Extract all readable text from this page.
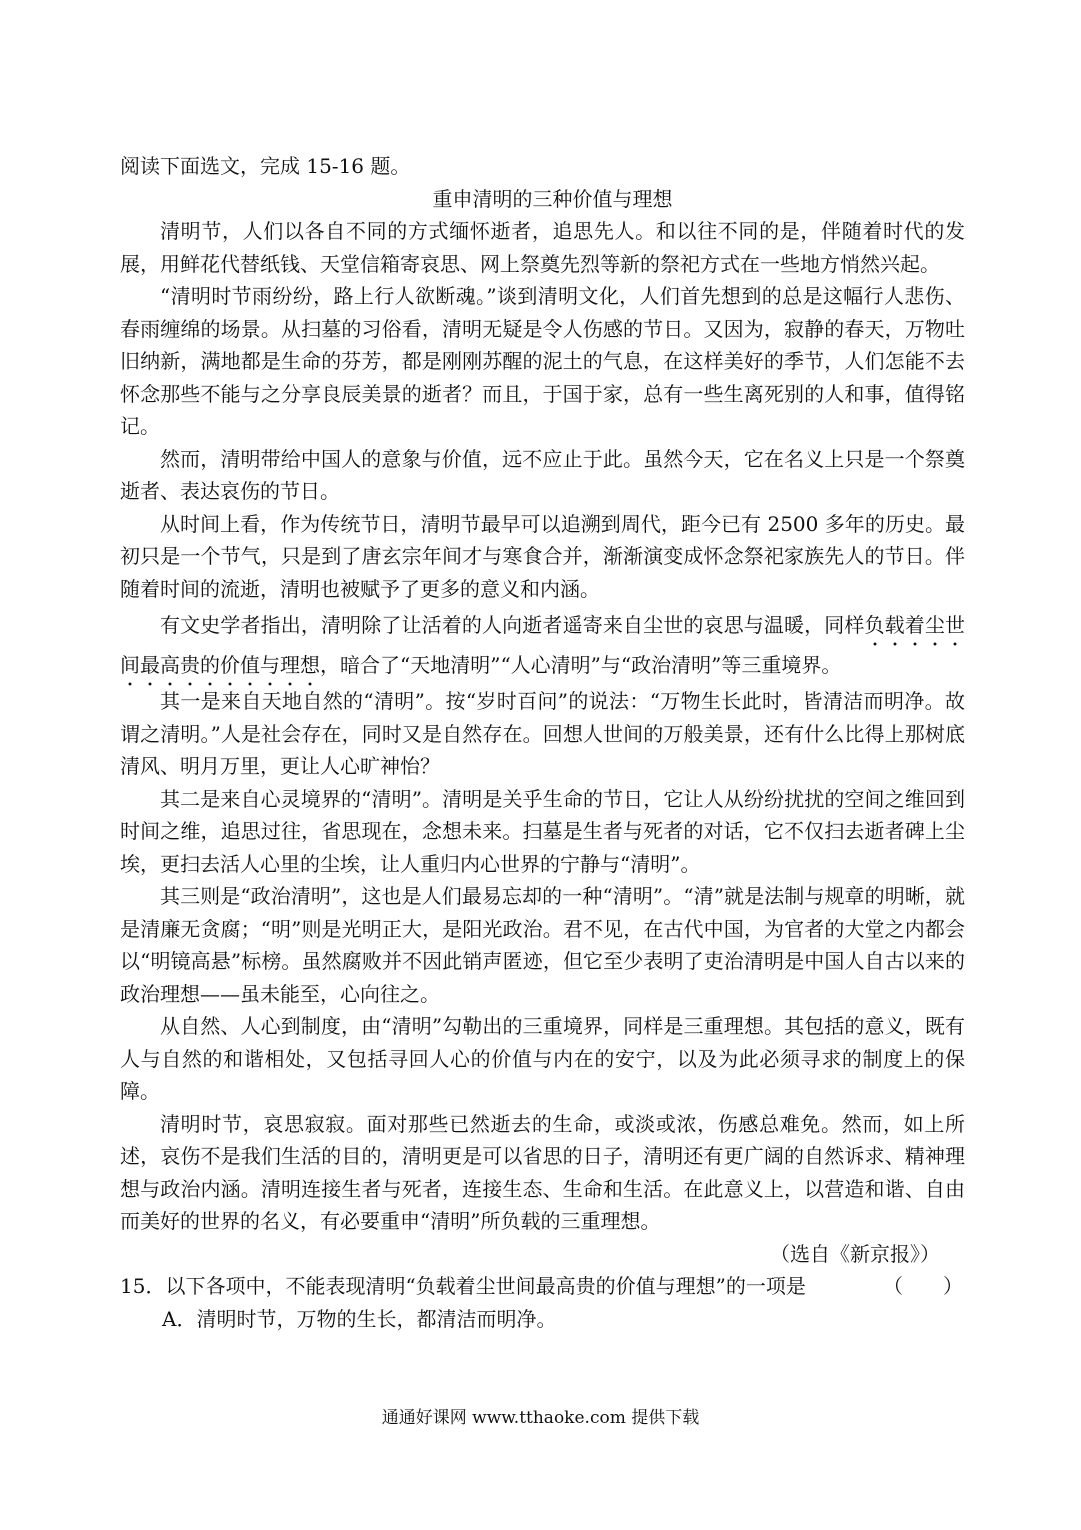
阅读下面选文，完成 15-16 题。

重申清明的三种价值与理想

清明节，人们以各自不同的方式缅怀逝者，追思先人。和以往不同的是，伴随着时代的发展，用鲜花代替纸钱、天堂信箱寄哀思、网上祭奠先烈等新的祭祀方式在一些地方悄然兴起。

“清明时节雨纷纷，路上行人欲断魂。”谈到清明文化，人们首先想到的总是这幅行人悲伤、春雨缠绵的场景。从扫墓的习俗看，清明无疑是令人伤感的节日。又因为，寂静的春天，万物吐旧纳新，满地都是生命的芬芳，都是刚刚苏醒的泥土的气息，在这样美好的季节，人们怎能不去怀念那些不能与之分享良辰美景的逝者？而且，于国于家，总有一些生离死别的人和事，值得铭记。

然而，清明带给中国人的意象与价值，远不应止于此。虽然今天，它在名义上只是一个祭奠逝者、表达哀伤的节日。

从时间上看，作为传统节日，清明节最早可以追溯到周代，距今已有 2500 多年的历史。最初只是一个节气，只是到了唐玄宗年间才与寒食合并，渐渐演变成怀念祭祀家族先人的节日。伴随着时间的流逝，清明也被赋予了更多的意义和内涵。

有文史学者指出，清明除了让活着的人向逝者遥寄来自尘世的哀思与温暖，同样负载着尘世间最高贵的价值与理想，暗合了“天地清明”“人心清明”与“政治清明”等三重境界。

其一是来自天地自然的“清明”。按“岁时百问”的说法：“万物生长此时，皆清洁而明净。故谓之清明。”人是社会存在，同时又是自然存在。回想人世间的万般美景，还有什么比得上那树底清风、明月万里，更让人心旷神怡？

其二是来自心灵境界的“清明”。清明是关乎生命的节日，它让人从纷纷扰扰的空间之维回到时间之维，追思过往，省思现在，念想未来。扫墓是生者与死者的对话，它不仅扫去逝者碑上尘埃，更扫去活人心里的尘埃，让人重归内心世界的宁静与“清明”。

其三则是“政治清明”，这也是人们最易忘却的一种“清明”。“清”就是法制与规章的明晰，就是清廉无贪腐；“明”则是光明正大，是阳光政治。君不见，在古代中国，为官者的大堂之内都会以“明镜高悬”标榜。虽然腐败并不因此销声匿迹，但它至少表明了吏治清明是中国人自古以来的政治理想——虽未能至，心向往之。

从自然、人心到制度，由“清明”勾勒出的三重境界，同样是三重理想。其包括的意义，既有人与自然的和谐相处，又包括寻回人心的价值与内在的安宁，以及为此必须寻求的制度上的保障。

清明时节，哀思寂寂。面对那些已然逝去的生命，或淡或浓，伤感总难免。然而，如上所述，哀伤不是我们生活的目的，清明更是可以省思的日子，清明还有更广阔的自然诉求、精神理想与政治内涵。清明连接生者与死者，连接生态、生命和生活。在此意义上，以营造和谐、自由而美好的世界的名义，有必要重申“清明”所负载的三重理想。

（选自《新京报》）

15．以下各项中，不能表现清明“负载着尘世间最高贵的价值与理想”的一项是	（　　）

A．清明时节，万物的生长，都清洁而明净。

通通好课网 www.tthaoke.com 提供下载
